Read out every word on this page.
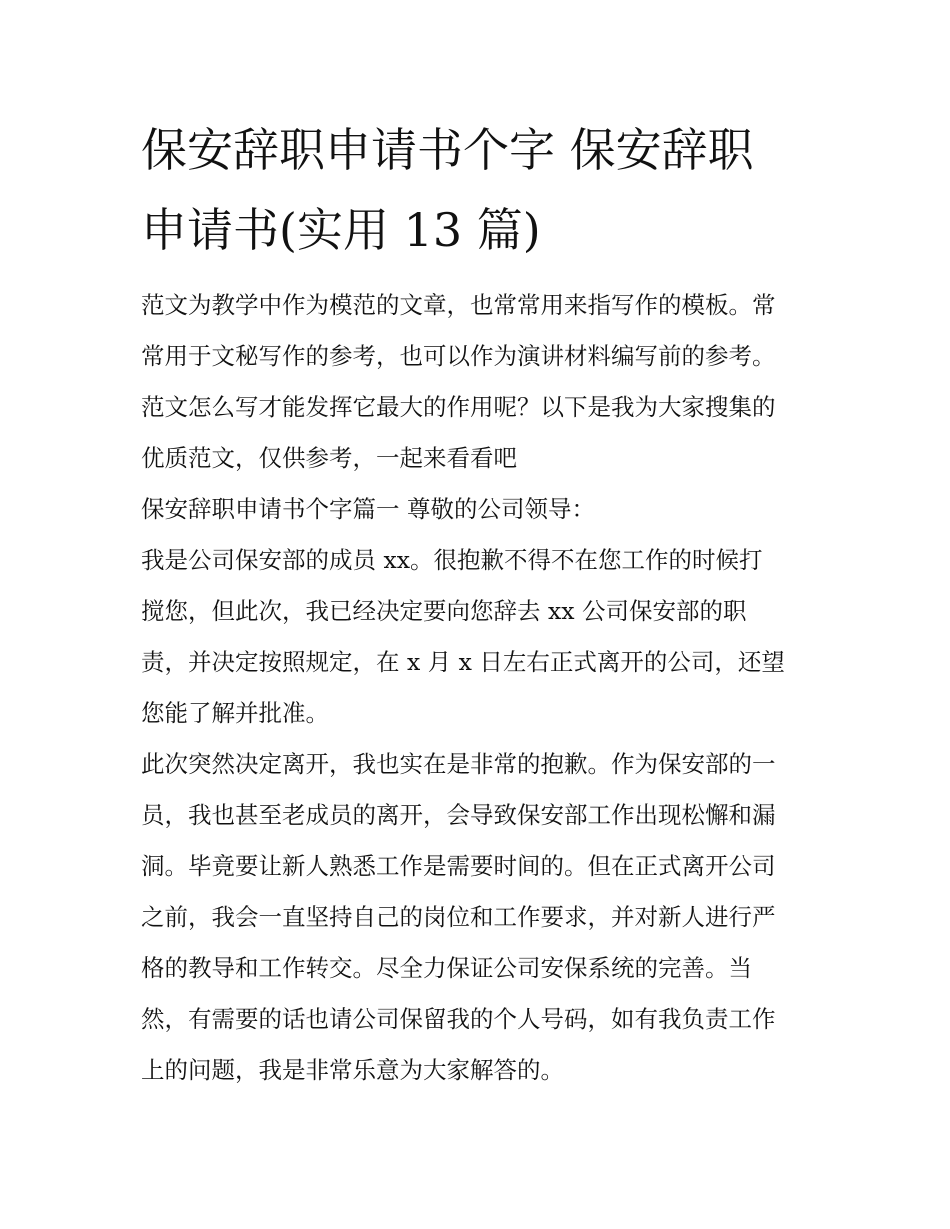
保安辞职申请书个字 保安辞职
申请书(实用 13 篇)

范文为教学中作为模范的文章，也常常用来指写作的模板。常

常用于文秘写作的参考，也可以作为演讲材料编写前的参考。

范文怎么写才能发挥它最大的作用呢？以下是我为大家搜集的

优质范文，仅供参考，一起来看看吧

保安辞职申请书个字篇一 尊敬的公司领导：

我是公司保安部的成员 xx。很抱歉不得不在您工作的时候打

搅您，但此次，我已经决定要向您辞去 xx 公司保安部的职

责，并决定按照规定，在 x 月 x 日左右正式离开的公司，还望

您能了解并批准。

此次突然决定离开，我也实在是非常的抱歉。作为保安部的一

员，我也甚至老成员的离开，会导致保安部工作出现松懈和漏

洞。毕竟要让新人熟悉工作是需要时间的。但在正式离开公司

之前，我会一直坚持自己的岗位和工作要求，并对新人进行严

格的教导和工作转交。尽全力保证公司安保系统的完善。当

然，有需要的话也请公司保留我的个人号码，如有我负责工作

上的问题，我是非常乐意为大家解答的。
